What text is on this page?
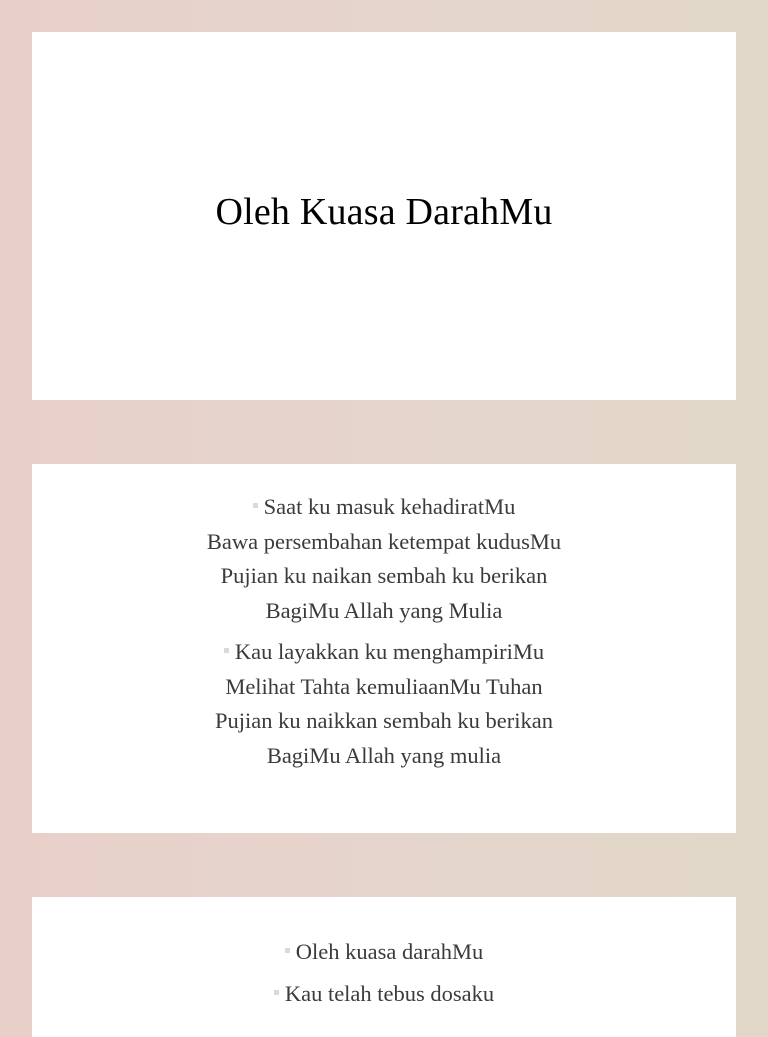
Oleh Kuasa DarahMu
Saat ku masuk kehadiratMu
Bawa persembahan ketempat kudusMu
Pujian ku naikan sembah ku berikan
BagiMu Allah yang Mulia
Kau layakkan ku menghampiriMu
Melihat Tahta kemuliaanMu Tuhan
Pujian ku naikkan sembah ku berikan
BagiMu Allah yang mulia
Oleh kuasa darahMu
Kau telah tebus dosaku
